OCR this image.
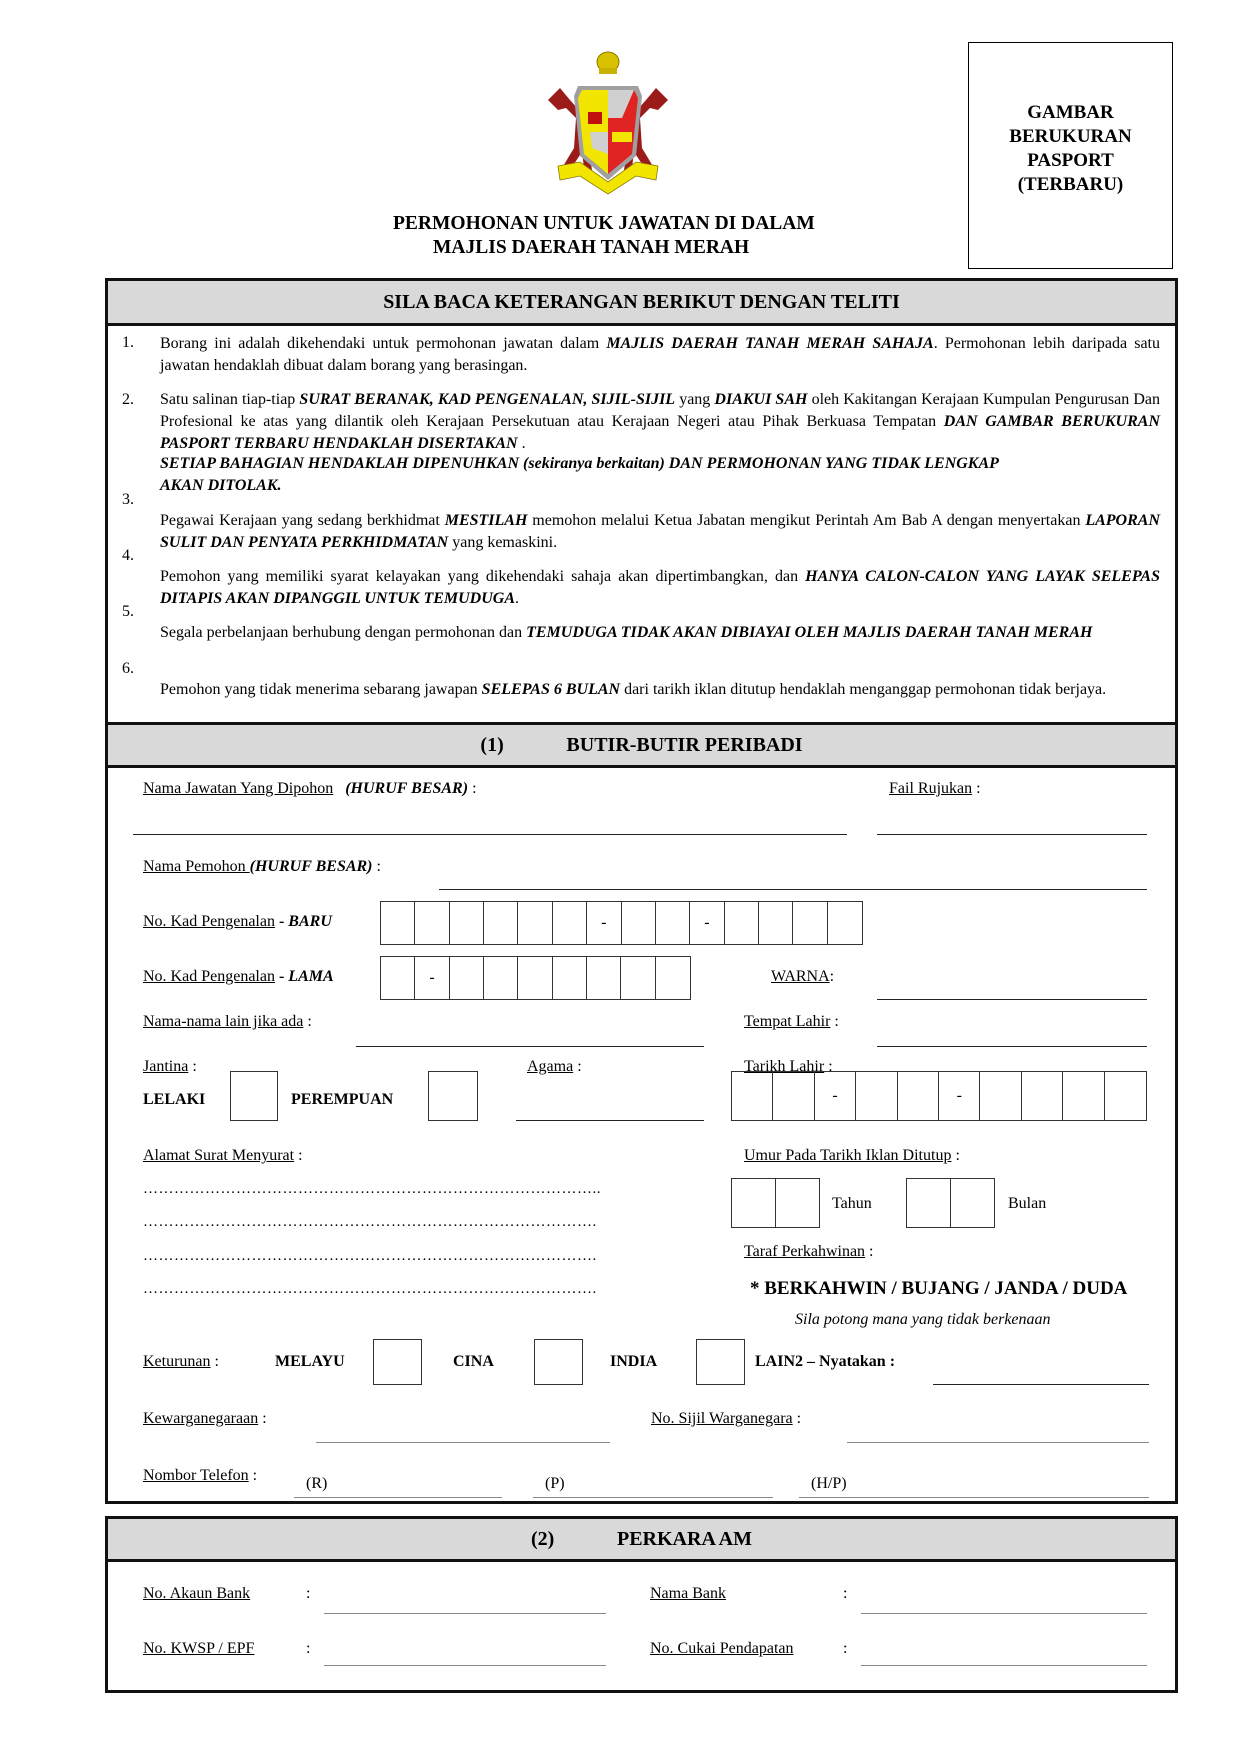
PERMOHONAN UNTUK JAWATAN DI DALAM
MAJLIS DAERAH TANAH MERAH
GAMBAR
BERUKURAN
PASPORT
(TERBARU)
SILA BACA KETERANGAN BERIKUT DENGAN TELITI
1.
2.
3.
4.
5.
6.
Borang ini adalah dikehendaki untuk permohonan jawatan dalam MAJLIS DAERAH TANAH MERAH SAHAJA. Permohonan lebih daripada satu jawatan hendaklah dibuat dalam borang yang berasingan.
Satu salinan tiap-tiap SURAT BERANAK, KAD PENGENALAN, SIJIL-SIJIL yang DIAKUI SAH oleh Kakitangan Kerajaan Kumpulan Pengurusan Dan Profesional ke atas yang dilantik oleh Kerajaan Persekutuan atau Kerajaan Negeri atau Pihak Berkuasa Tempatan DAN GAMBAR BERUKURAN PASPORT TERBARU HENDAKLAH DISERTAKAN .
SETIAP BAHAGIAN HENDAKLAH DIPENUHKAN (sekiranya berkaitan) DAN PERMOHONAN YANG TIDAK LENGKAP AKAN DITOLAK.
Pegawai Kerajaan yang sedang berkhidmat MESTILAH memohon melalui Ketua Jabatan mengikut Perintah Am Bab A dengan menyertakan LAPORAN SULIT DAN PENYATA PERKHIDMATAN yang kemaskini.
Pemohon yang memiliki syarat kelayakan yang dikehendaki sahaja akan dipertimbangkan, dan HANYA CALON-CALON YANG LAYAK SELEPAS DITAPIS AKAN DIPANGGIL UNTUK TEMUDUGA.
Segala perbelanjaan berhubung dengan permohonan dan TEMUDUGA TIDAK AKAN DIBIAYAI OLEH MAJLIS DAERAH TANAH MERAH
Pemohon yang tidak menerima sebarang jawapan SELEPAS 6 BULAN dari tarikh iklan ditutup hendaklah menganggap permohonan tidak berjaya.
(1)	BUTIR-BUTIR PERIBADI
Nama Jawatan Yang Dipohon (HURUF BESAR) :	Fail Rujukan :
Nama Pemohon (HURUF BESAR) :
No. Kad Pengenalan - BARU	-	-
No. Kad Pengenalan - LAMA	-	WARNA:
Nama-nama lain jika ada :	Tempat Lahir :
Jantina :
LELAKI	PEREMPUAN
Agama :	Tarikh Lahir :
-	-
Alamat Surat Menyurat :
……………………………………………………………………………..
…………………………………………………………………………….
…………………………………………………………………………….
…………………………………………………………………………….
Umur Pada Tarikh Iklan Ditutup :
Tahun	Bulan
Taraf Perkahwinan :
* BERKAHWIN / BUJANG / JANDA / DUDA
Sila potong mana yang tidak berkenaan
Keturunan :	MELAYU	CINA	INDIA	LAIN2 – Nyatakan :
Kewarganegaraan :	No. Sijil Warganegara :
Nombor Telefon :	(R)	(P)	(H/P)
(2)	PERKARA AM
No. Akaun Bank	:	Nama Bank	:
No. KWSP / EPF	:	No. Cukai Pendapatan	:
